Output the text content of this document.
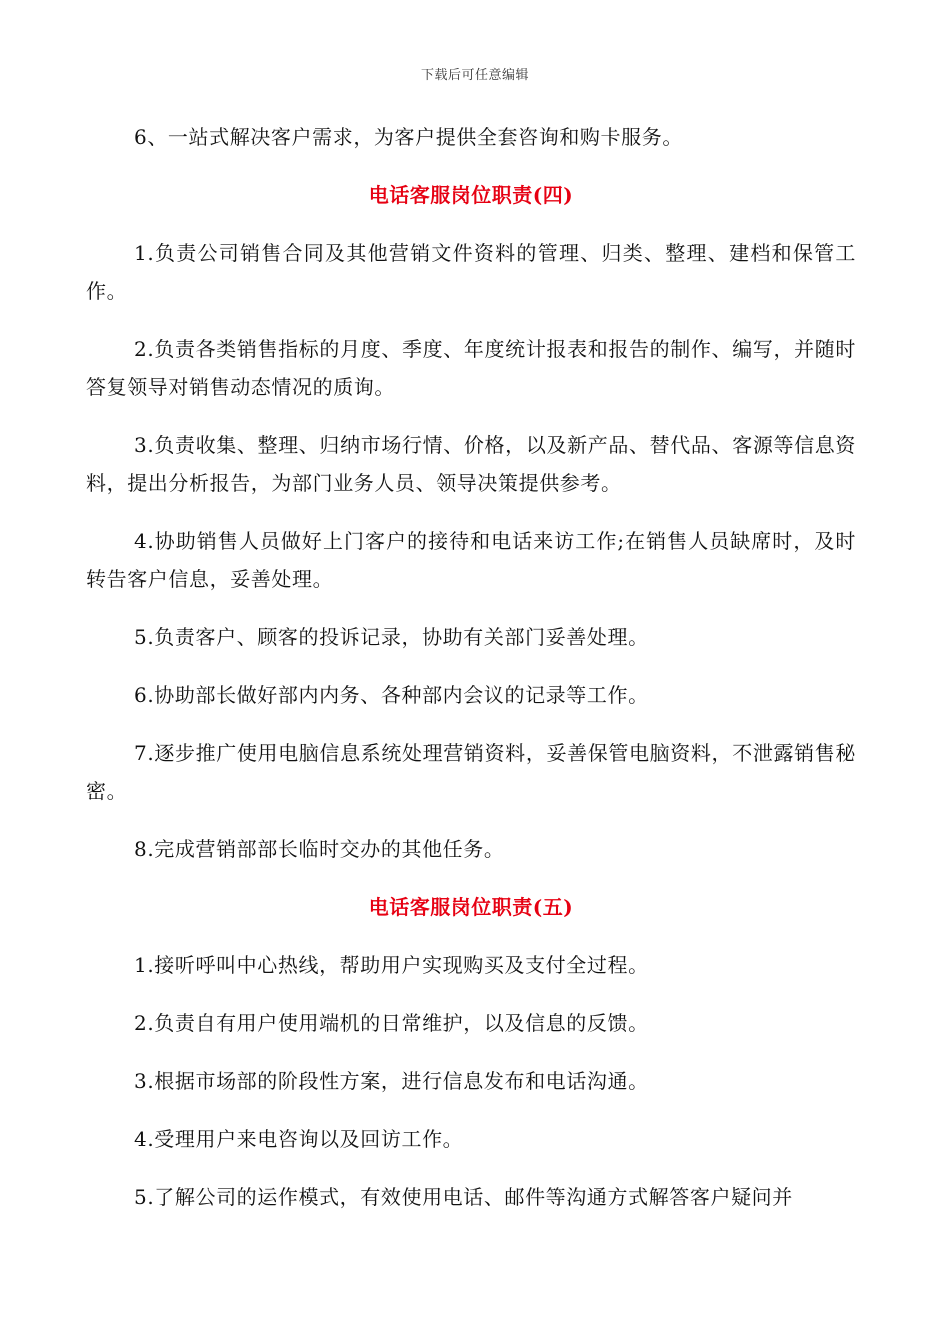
下载后可任意编辑

6、一站式解决客户需求，为客户提供全套咨询和购卡服务。

电话客服岗位职责(四)

1.负责公司销售合同及其他营销文件资料的管理、归类、整理、建档和保管工作。

2.负责各类销售指标的月度、季度、年度统计报表和报告的制作、编写，并随时答复领导对销售动态情况的质询。

3.负责收集、整理、归纳市场行情、价格，以及新产品、替代品、客源等信息资料，提出分析报告，为部门业务人员、领导决策提供参考。

4.协助销售人员做好上门客户的接待和电话来访工作;在销售人员缺席时，及时转告客户信息，妥善处理。

5.负责客户、顾客的投诉记录，协助有关部门妥善处理。

6.协助部长做好部内内务、各种部内会议的记录等工作。

7.逐步推广使用电脑信息系统处理营销资料，妥善保管电脑资料，不泄露销售秘密。

8.完成营销部部长临时交办的其他任务。

电话客服岗位职责(五)

1.接听呼叫中心热线，帮助用户实现购买及支付全过程。

2.负责自有用户使用端机的日常维护，以及信息的反馈。

3.根据市场部的阶段性方案，进行信息发布和电话沟通。

4.受理用户来电咨询以及回访工作。

5.了解公司的运作模式，有效使用电话、邮件等沟通方式解答客户疑问并
